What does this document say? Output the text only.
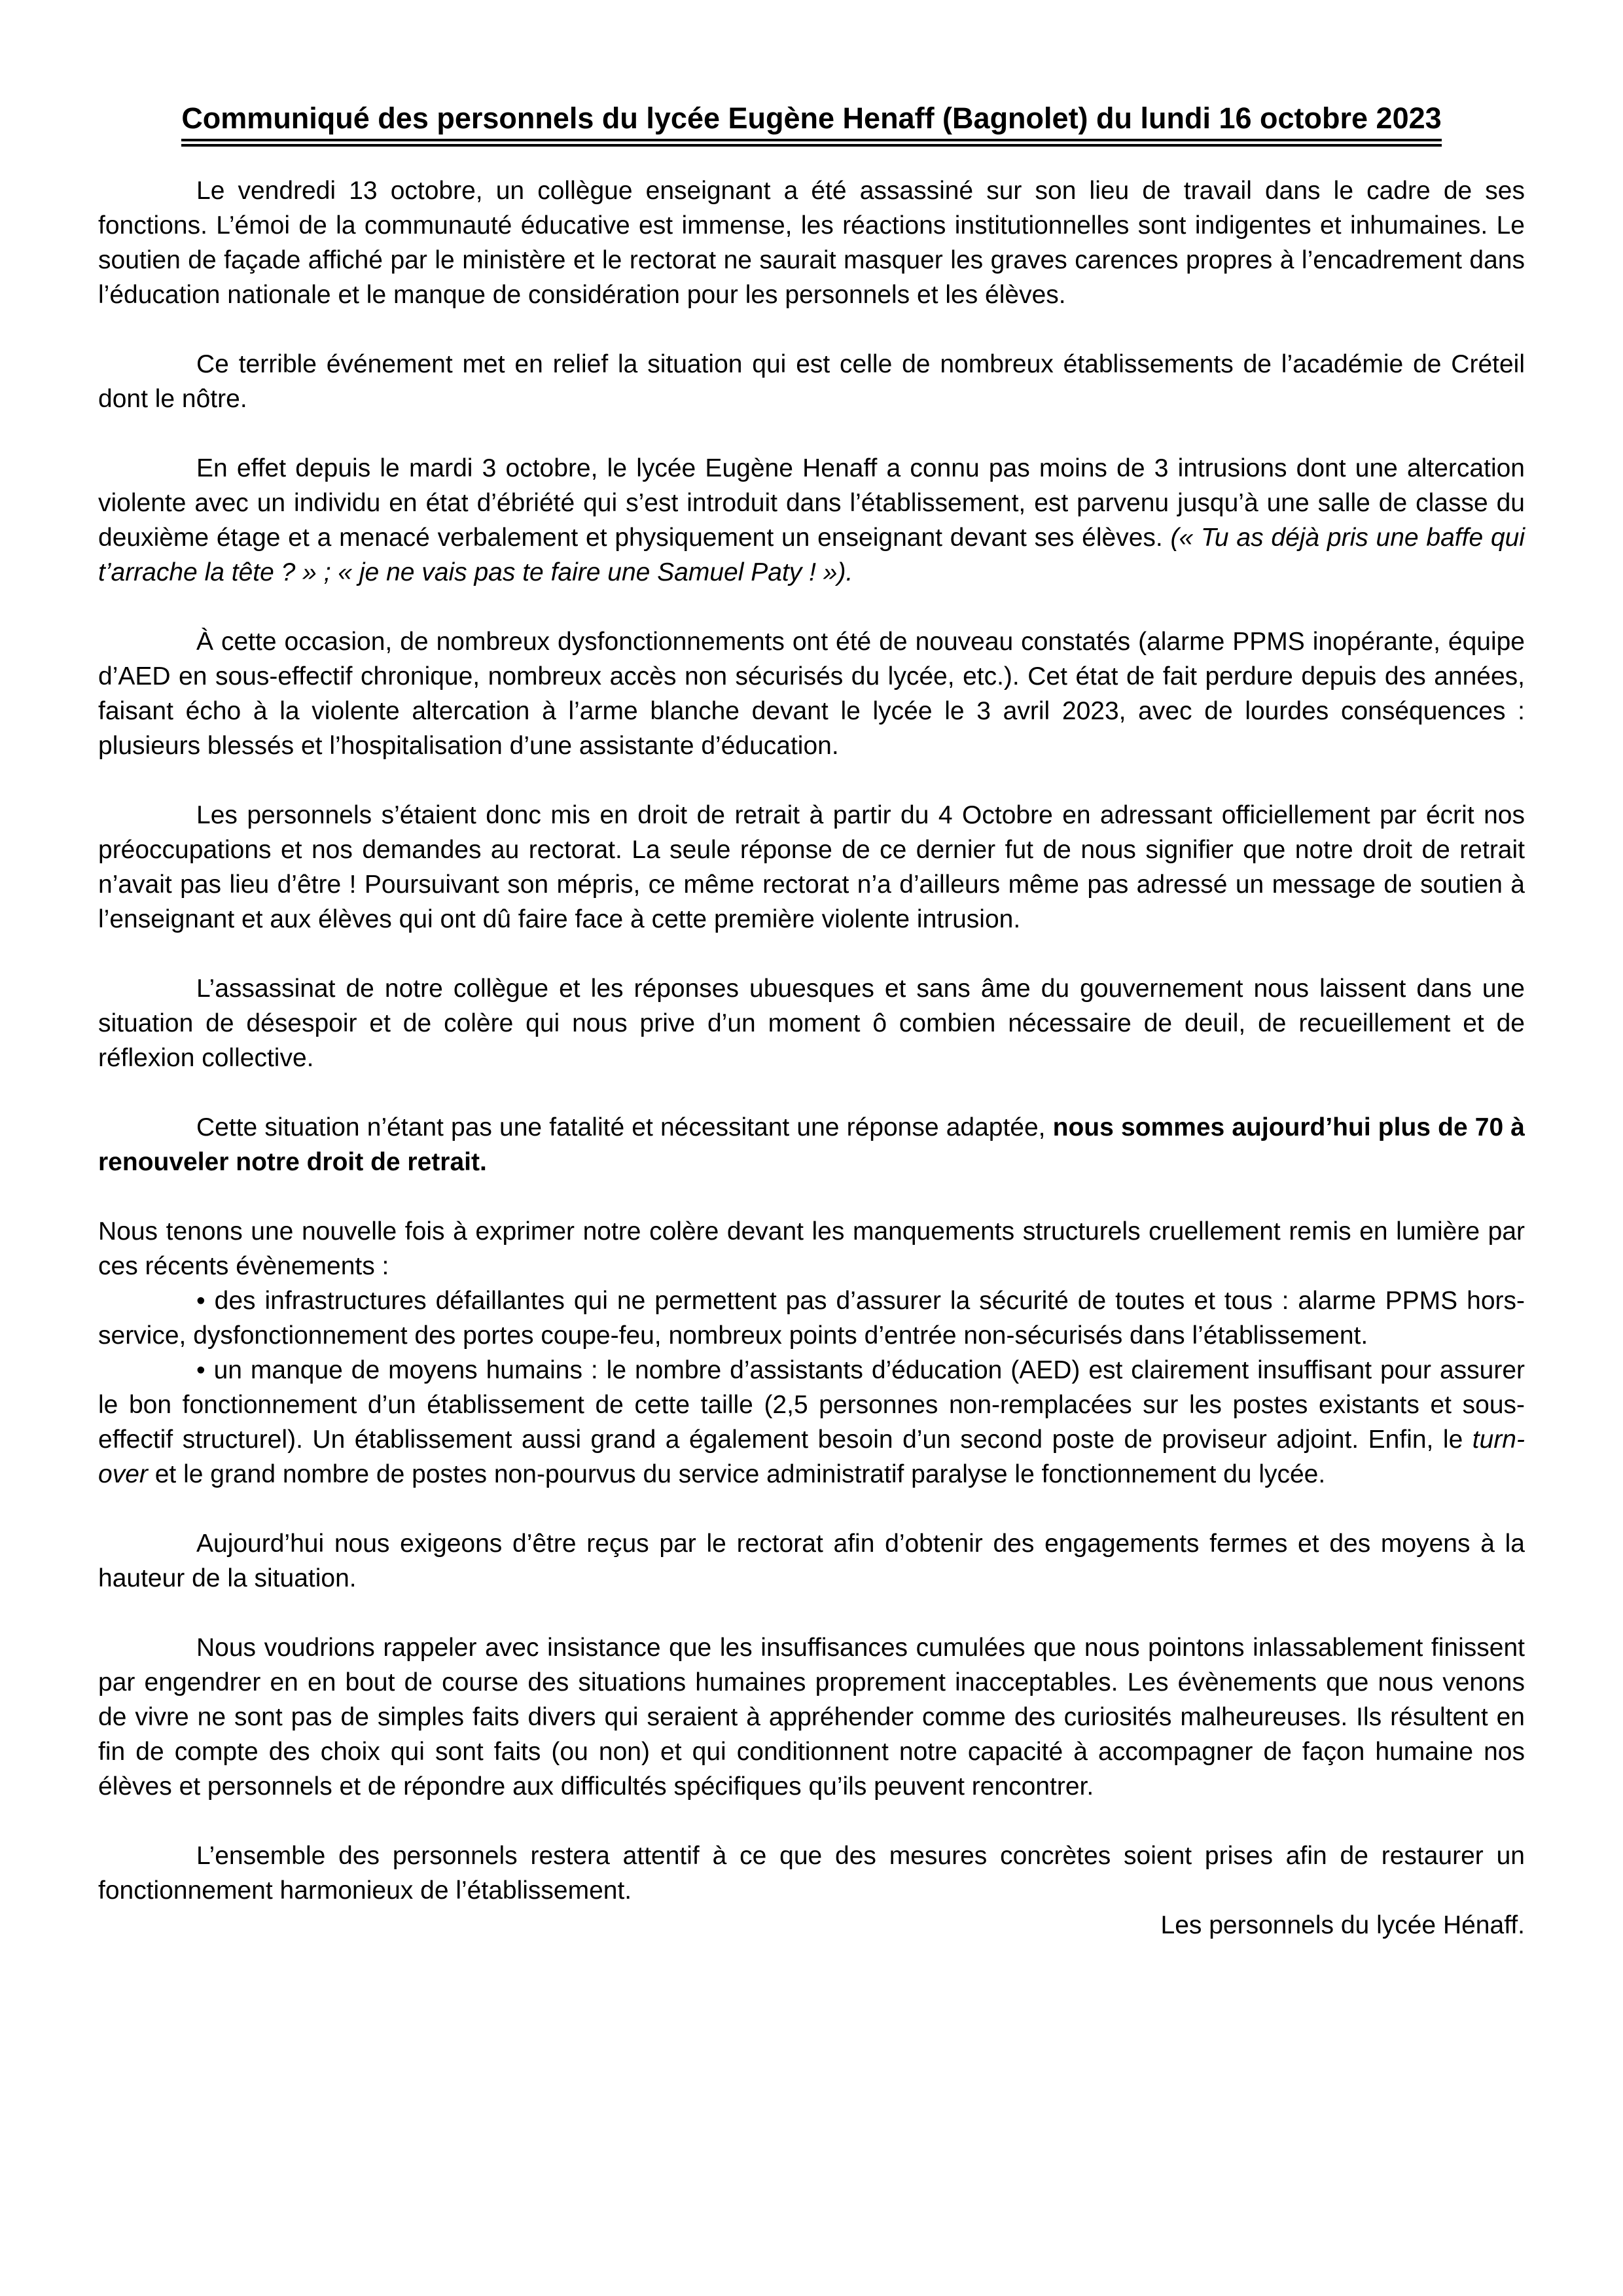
Communiqué des personnels du lycée Eugène Henaff (Bagnolet) du lundi 16 octobre 2023

Le vendredi 13 octobre, un collègue enseignant a été assassiné sur son lieu de travail dans le cadre de ses fonctions. L’émoi de la communauté éducative est immense, les réactions institutionnelles sont indigentes et inhumaines. Le soutien de façade affiché par le ministère et le rectorat ne saurait masquer les graves carences propres à l’encadrement dans l’éducation nationale et le manque de considération pour les personnels et les élèves.

Ce terrible événement met en relief la situation qui est celle de nombreux établissements de l’académie de Créteil dont le nôtre.

En effet depuis le mardi 3 octobre, le lycée Eugène Henaff a connu pas moins de 3 intrusions dont une altercation violente avec un individu en état d’ébriété qui s’est introduit dans l’établissement, est parvenu jusqu’à une salle de classe du deuxième étage et a menacé verbalement et physiquement un enseignant devant ses élèves. (« Tu as déjà pris une baffe qui t’arrache la tête ? » ; « je ne vais pas te faire une Samuel Paty ! »).

À cette occasion, de nombreux dysfonctionnements ont été de nouveau constatés (alarme PPMS inopérante, équipe d’AED en sous-effectif chronique, nombreux accès non sécurisés du lycée, etc.). Cet état de fait perdure depuis des années, faisant écho à la violente altercation à l’arme blanche devant le lycée le 3 avril 2023, avec de lourdes conséquences : plusieurs blessés et l’hospitalisation d’une assistante d’éducation.

Les personnels s’étaient donc mis en droit de retrait à partir du 4 Octobre en adressant officiellement par écrit nos préoccupations et nos demandes au rectorat. La seule réponse de ce dernier fut de nous signifier que notre droit de retrait n’avait pas lieu d’être ! Poursuivant son mépris, ce même rectorat n’a d’ailleurs même pas adressé un message de soutien à l’enseignant et aux élèves qui ont dû faire face à cette première violente intrusion.

L’assassinat de notre collègue et les réponses ubuesques et sans âme du gouvernement nous laissent dans une situation de désespoir et de colère qui nous prive d’un moment ô combien nécessaire de deuil, de recueillement et de réflexion collective.

Cette situation n’étant pas une fatalité et nécessitant une réponse adaptée, nous sommes aujourd’hui plus de 70 à renouveler notre droit de retrait.

Nous tenons une nouvelle fois à exprimer notre colère devant les manquements structurels cruellement remis en lumière par ces récents évènements :

• des infrastructures défaillantes qui ne permettent pas d’assurer la sécurité de toutes et tous : alarme PPMS hors-service, dysfonctionnement des portes coupe-feu, nombreux points d’entrée non-sécurisés dans l’établissement.

• un manque de moyens humains : le nombre d’assistants d’éducation (AED) est clairement insuffisant pour assurer le bon fonctionnement d’un établissement de cette taille (2,5 personnes non-remplacées sur les postes existants et sous-effectif structurel). Un établissement aussi grand a également besoin d’un second poste de proviseur adjoint. Enfin, le turn-over et le grand nombre de postes non-pourvus du service administratif paralyse le fonctionnement du lycée.

Aujourd’hui nous exigeons d’être reçus par le rectorat afin d’obtenir des engagements fermes et des moyens à la hauteur de la situation.

Nous voudrions rappeler avec insistance que les insuffisances cumulées que nous pointons inlassablement finissent par engendrer en en bout de course des situations humaines proprement inacceptables. Les évènements que nous venons de vivre ne sont pas de simples faits divers qui seraient à appréhender comme des curiosités malheureuses. Ils résultent en fin de compte des choix qui sont faits (ou non) et qui conditionnent notre capacité à accompagner de façon humaine nos élèves et personnels et de répondre aux difficultés spécifiques qu’ils peuvent rencontrer.

L’ensemble des personnels restera attentif à ce que des mesures concrètes soient prises afin de restaurer un fonctionnement harmonieux de l’établissement.

Les personnels du lycée Hénaff.
